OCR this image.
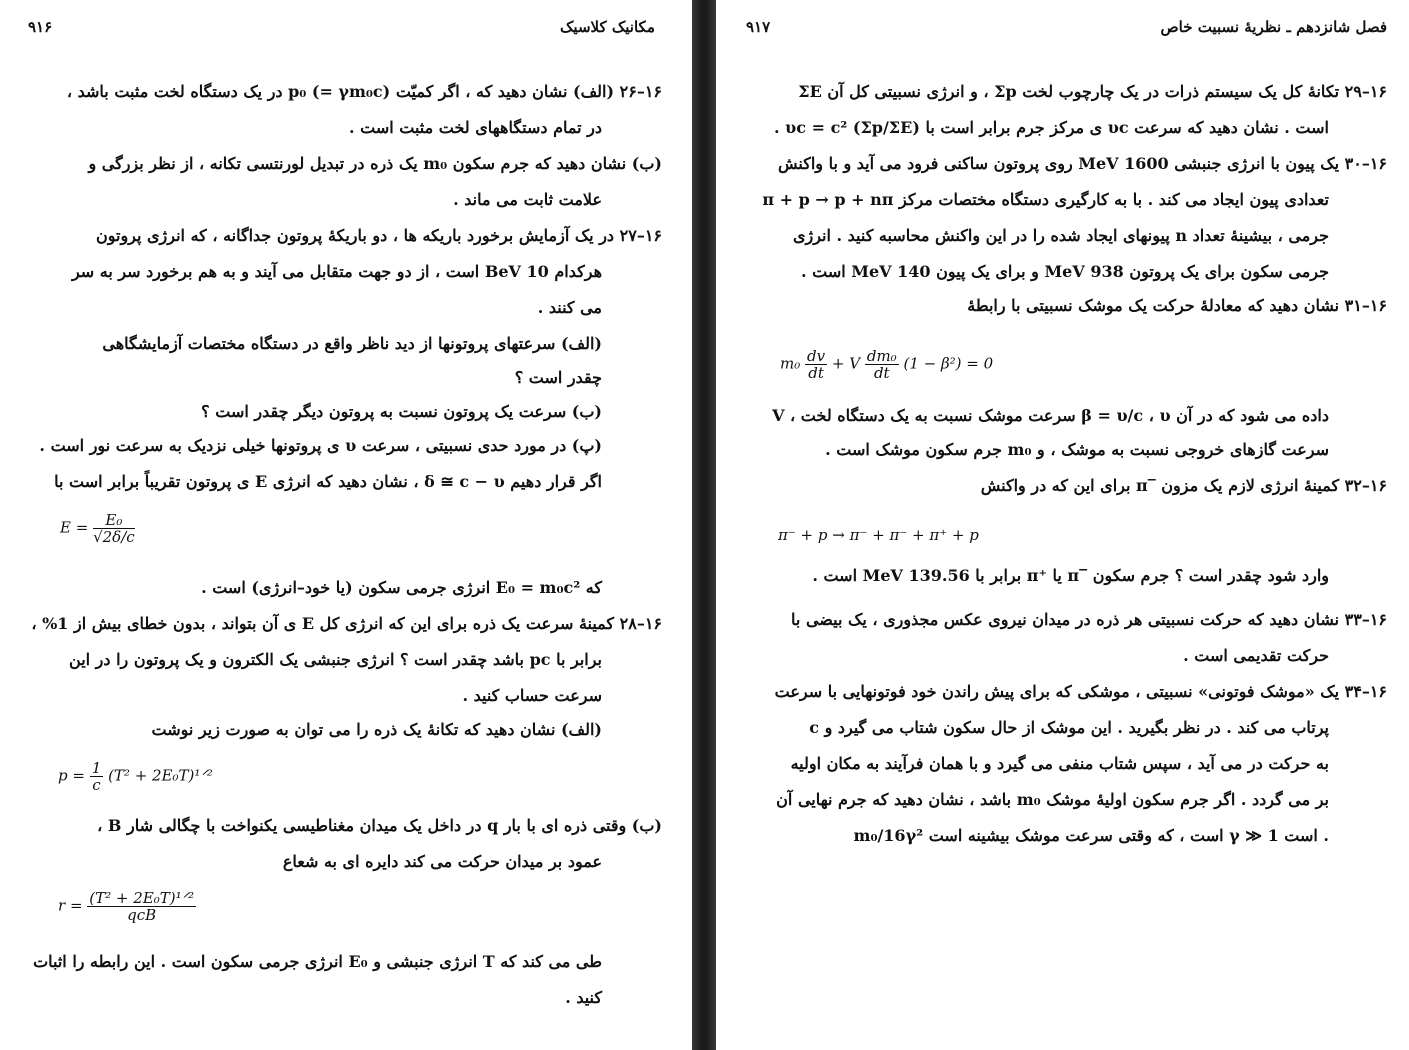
مکانیک کلاسیک
۹۱۶
۱۶–۲۶ (الف) نشان دهید که ، اگر کمیّت (p₀ (= γm₀c در یک دستگاه لخت مثبت باشد ،
در تمام دستگاههای لخت مثبت است .
(ب) نشان دهید که جرم سکون m₀ یک ذره در تبدیل لورنتسی تکانه ، از نظر بزرگی و
علامت ثابت می ماند .
۱۶–۲۷ در یک آزمایش برخورد باریکه ها ، دو باریکهٔ پروتون جداگانه ، که انرژی پروتون
هرکدام 10 BeV است ، از دو جهت متقابل می آیند و به هم برخورد سر به سر
می کنند .
(الف) سرعتهای پروتونها از دید ناظر واقع در دستگاه مختصات آزمایشگاهی
چقدر است ؟
(ب) سرعت یک پروتون نسبت به پروتون دیگر چقدر است ؟
(پ) در مورد حدی نسبیتی ، سرعت υ ی پروتونها خیلی نزدیک به سرعت نور است .
اگر قرار دهیم δ ≅ c − υ ، نشان دهید که انرژی E ی پروتون تقریباً برابر است با
$E = \frac{\text{E₀}}{√2\delta/c}$
که E₀ = m₀c² انرژی جرمی سکون (یا خود–انرژی) است .
۱۶–۲۸ کمینهٔ سرعت یک ذره برای این که انرژی کل E ی آن بتواند ، بدون خطای بیش از 1% ،
برابر با pc باشد چقدر است ؟ انرژی جنبشی یک الکترون و یک پروتون را در این
سرعت حساب کنید .
(الف) نشان دهید که تکانهٔ یک ذره را می توان به صورت زیر نوشت
$p = \frac{1}{c} (T^2$ + 2E₀T)¹ᐟ²
(ب) وقتی ذره ای با بار q در داخل یک میدان مغناطیسی یکنواخت با چگالی شار B ،
عمود بر میدان حرکت می کند دایره ای به شعاع
$r = \frac{\text{(T² + 2E₀T)¹ᐟ²}}{\text{qcB}}$
طی می کند که T انرژی جنبشی و E₀ انرژی جرمی سکون است . این رابطه را اثبات
کنید .
فصل شانزدهم ـ نظریهٔ نسبیت خاص
۹۱۷
۱۶–۲۹ تکانهٔ کل یک سیستم ذرات در یک چارچوب لخت Σp ، و انرژی نسبیتی کل آن ΣE
است . نشان دهید که سرعت υc ی مرکز جرم برابر است با (υc = c² (Σp/ΣE .
۱۶–۳۰ یک پیون با انرژی جنبشی 1600 MeV روی پروتون ساکنی فرود می آید و با واکنش
π + p → p + nπ تعدادی پیون ایجاد می کند . با به کارگیری دستگاه مختصات مرکز
جرمی ، بیشینهٔ تعداد n پیونهای ایجاد شده را در این واکنش محاسبه کنید . انرژی
جرمی سکون برای یک پروتون 938 MeV و برای یک پیون 140 MeV است .
۱۶–۳۱ نشان دهید که معادلهٔ حرکت یک موشک نسبیتی با رابطهٔ
$m_0 \frac{dv}{dt} + V \frac{\text{dm₀}}{dt} (1 - \beta^2) = 0$
داده می شود که در آن β = υ/c ، υ سرعت موشک نسبت به یک دستگاه لخت ، V
سرعت گازهای خروجی نسبت به موشک ، و m₀ جرم سکون موشک است .
۱۶–۳۲ کمینهٔ انرژی لازم یک مزون ‾π برای این که در واکنش
π⁻ + p → π⁻ + π⁻ + π⁺ + p
وارد شود چقدر است ؟ جرم سکون ‾π یا ⁺π برابر با 139.56 MeV است .
۱۶–۳۳ نشان دهید که حرکت نسبیتی هر ذره در میدان نیروی عکس مجذوری ، یک بیضی با
حرکت تقدیمی است .
۱۶–۳۴ یک «موشک فوتونی» نسبیتی ، موشکی که برای پیش راندن خود فوتونهایی با سرعت
c پرتاب می کند . در نظر بگیرید . این موشک از حال سکون شتاب می گیرد و
به حرکت در می آید ، سپس شتاب منفی می گیرد و با همان فرآیند به مکان اولیه
بر می گردد . اگر جرم سکون اولیهٔ موشک m₀ باشد ، نشان دهید که جرم نهایی آن
m₀/16γ² است ، که وقتی سرعت موشک بیشینه است γ ≫ 1 است .
